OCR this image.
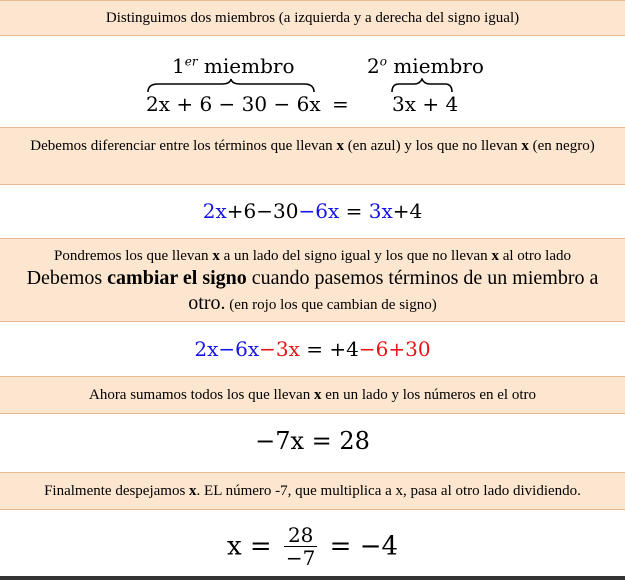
Distinguimos dos miembros (a izquierda y a derecha del signo igual)
1er miembro	2$^o$ miembro
2x + 6 − 30 − 6x = 3x + 4
Debemos diferenciar entre los términos que llevan x (en azul) y los que no llevan x (en negro)
2x+6−30−6x = 3x+4
Pondremos los que llevan x a un lado del signo igual y los que no llevan x al otro lado
Debemos cambiar el signo cuando pasemos términos de un miembro a otro. (en rojo los que cambian de signo)
2x−6x−3x = +4−6+30
Ahora sumamos todos los que llevan x en un lado y los números en el otro
−7x = 28
Finalmente despejamos x. EL número -7, que multiplica a x, pasa al otro lado dividiendo.
$x = \frac{28}{-7} = -4$
